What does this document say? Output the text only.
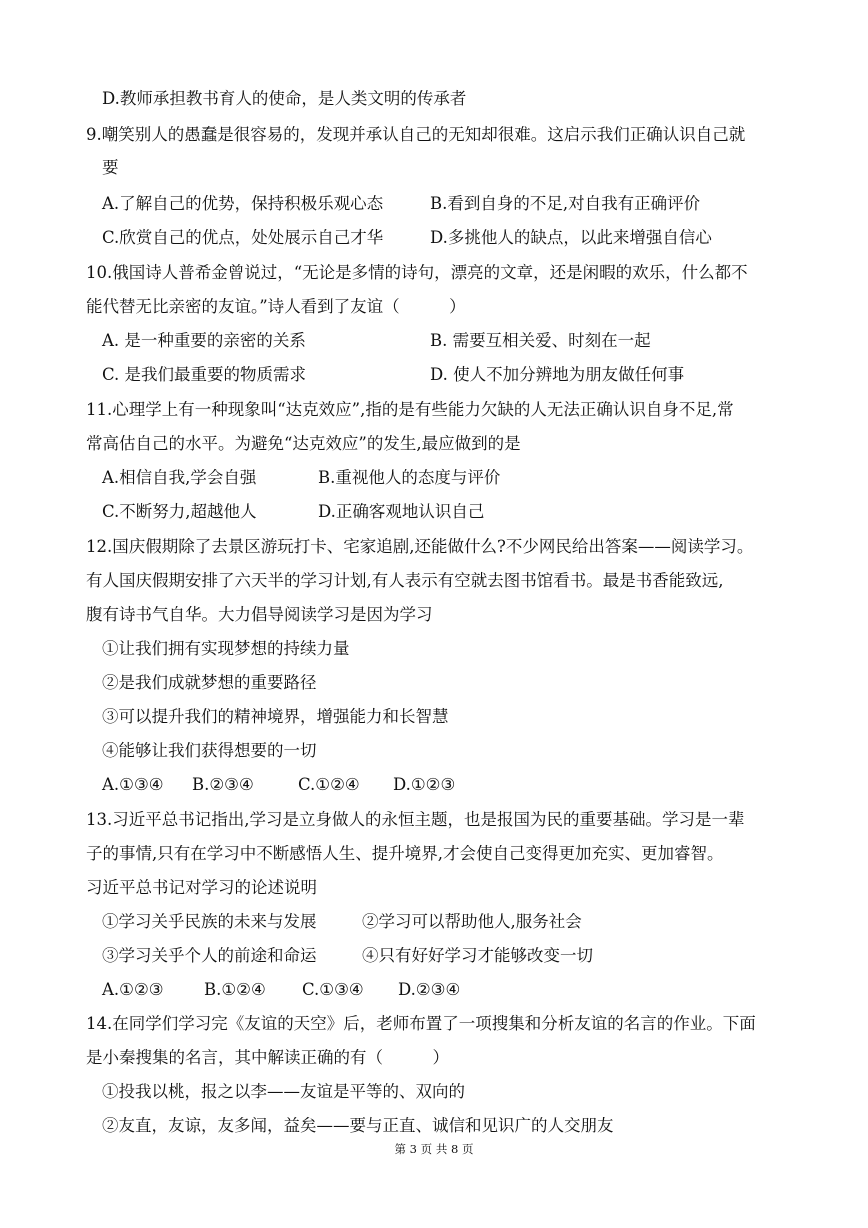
D.教师承担教书育人的使命，是人类文明的传承者
9.嘲笑别人的愚蠢是很容易的，发现并承认自己的无知却很难。这启示我们正确认识自己就
要
A.了解自己的优势，保持积极乐观心态	B.看到自身的不足,对自我有正确评价
C.欣赏自己的优点，处处展示自己才华	D.多挑他人的缺点，以此来增强自信心
10.俄国诗人普希金曾说过，“无论是多情的诗句，漂亮的文章，还是闲暇的欢乐，什么都不
能代替无比亲密的友谊。”诗人看到了友谊（　　　）
A. 是一种重要的亲密的关系	B. 需要互相关爱、时刻在一起
C. 是我们最重要的物质需求	D. 使人不加分辨地为朋友做任何事
11.心理学上有一种现象叫“达克效应”,指的是有些能力欠缺的人无法正确认识自身不足,常
常高估自己的水平。为避免“达克效应”的发生,最应做到的是
A.相信自我,学会自强	B.重视他人的态度与评价
C.不断努力,超越他人	D.正确客观地认识自己
12.国庆假期除了去景区游玩打卡、宅家追剧,还能做什么?不少网民给出答案——阅读学习。
有人国庆假期安排了六天半的学习计划,有人表示有空就去图书馆看书。最是书香能致远,
腹有诗书气自华。大力倡导阅读学习是因为学习
①让我们拥有实现梦想的持续力量
②是我们成就梦想的重要路径
③可以提升我们的精神境界，增强能力和长智慧
④能够让我们获得想要的一切
A.①③④ B.②③④	C.①②④ D.①②③
13.习近平总书记指出,学习是立身做人的永恒主题，也是报国为民的重要基础。学习是一辈
子的事情,只有在学习中不断感悟人生、提升境界,才会使自己变得更加充实、更加睿智。
习近平总书记对学习的论述说明
①学习关乎民族的未来与发展	②学习可以帮助他人,服务社会
③学习关乎个人的前途和命运	④只有好好学习才能够改变一切
A.①②③ B.①②④ C.①③④ D.②③④
14.在同学们学习完《友谊的天空》后，老师布置了一项搜集和分析友谊的名言的作业。下面
是小秦搜集的名言，其中解读正确的有（　　　）
①投我以桃，报之以李——友谊是平等的、双向的
②友直，友谅，友多闻，益矣——要与正直、诚信和见识广的人交朋友
第 3 页 共 8 页
